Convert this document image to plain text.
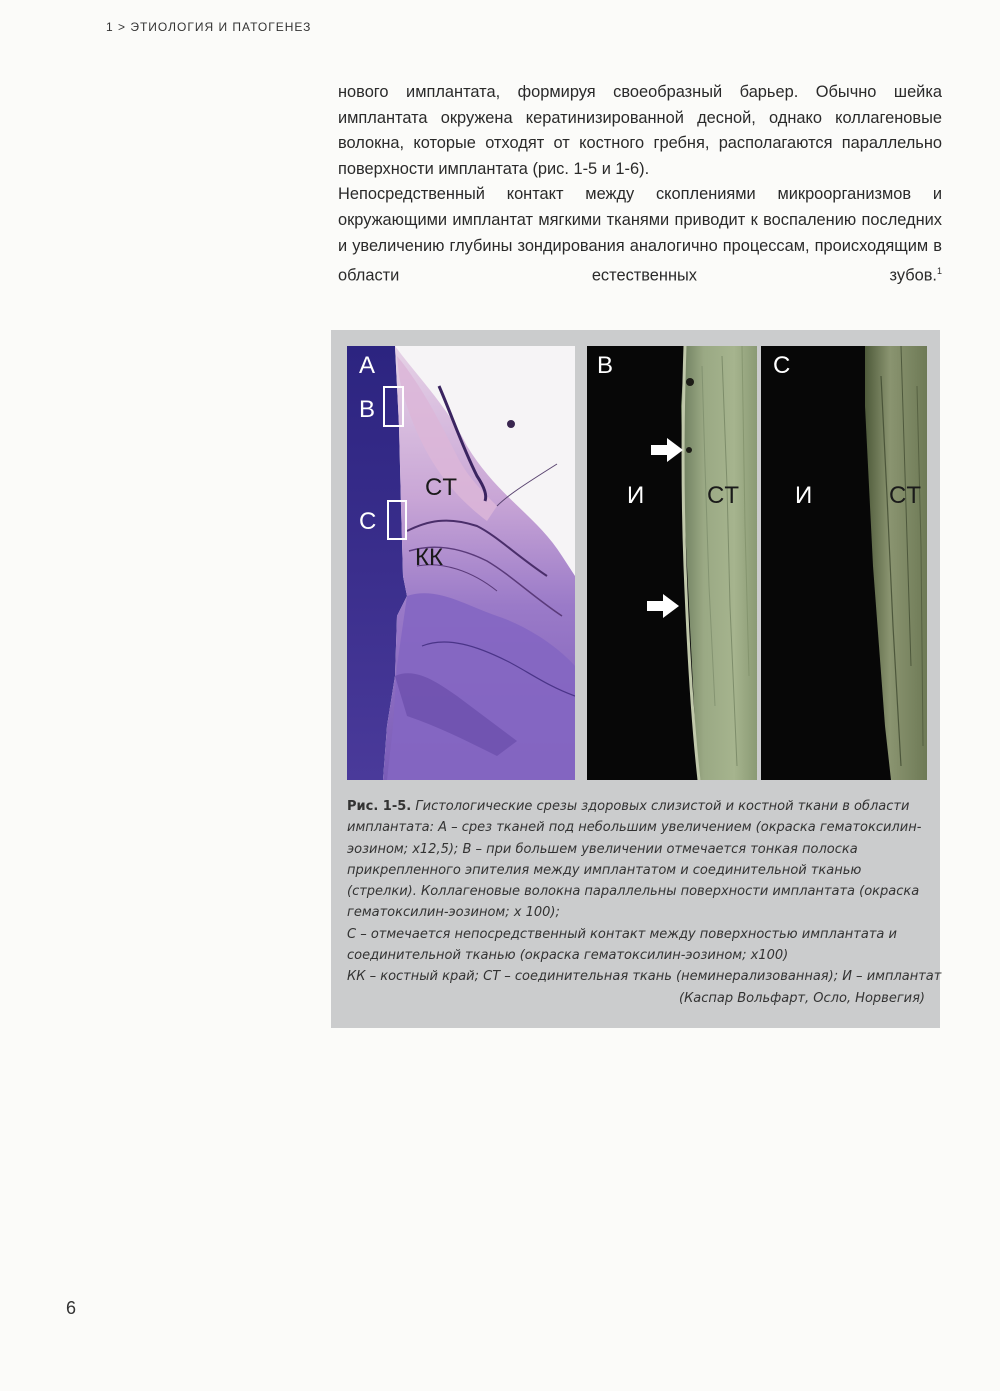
1 > ЭТИОЛОГИЯ И ПАТОГЕНЕЗ

нового имплантата, формируя своеобразный барьер. Обычно шейка имплантата окружена кератинизированной десной, однако коллагеновые волокна, которые отходят от костного гребня, располагаются параллельно поверхности имплантата (рис. 1-5 и 1-6).

Непосредственный контакт между скоплениями микроорганизмов и окружающими имплантат мягкими тканями приводит к воспалению последних и увеличению глубины зондирования аналогично процессам, происходящим в области естественных зубов.$^1$

A
B
C
CT
КК
B
И	CT
C
И	CT
Рис. 1-5. Гистологические срезы здоровых слизистой и костной ткани в области
имплантата: А – срез тканей под небольшим увеличением (окраска гематоксилин-
эозином; х12,5); В – при большем увеличении отмечается тонкая полоска
прикрепленного эпителия между имплантатом и соединительной тканью
(стрелки). Коллагеновые волокна параллельны поверхности имплантата (окраска
гематоксилин-эозином; х 100);
С – отмечается непосредственный контакт между поверхностью имплантата и
соединительной тканью (окраска гематоксилин-эозином; х100)
КК – костный край; СТ – соединительная ткань (неминерализованная); И – имплантат
(Каспар Вольфарт, Осло, Норвегия)
6
